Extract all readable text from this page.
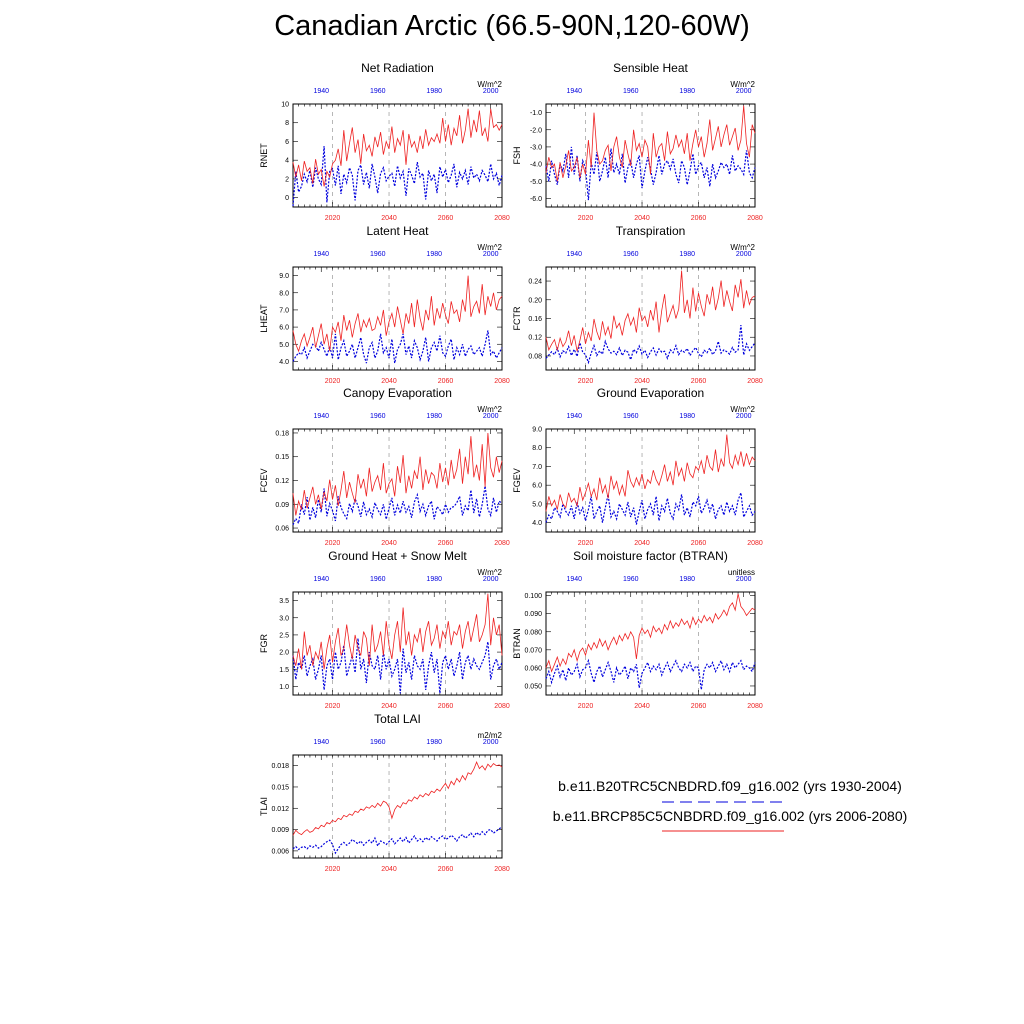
Canadian Arctic (66.5-90N,120-60W)
Net Radiation
W/m^2
RNET
2020	2040	2060	2080
1940	1960	1980	2000
0
2
4
6
8
10
Sensible Heat
W/m^2
FSH
2020	2040	2060	2080
1940	1960	1980	2000
-6.0
-5.0
-4.0
-3.0
-2.0
-1.0
Latent Heat
W/m^2
LHEAT
2020	2040	2060	2080
1940	1960	1980	2000
4.0
5.0
6.0
7.0
8.0
9.0
Transpiration
W/m^2
FCTR
2020	2040	2060	2080
1940	1960	1980	2000
0.08
0.12
0.16
0.20
0.24
Canopy Evaporation
W/m^2
FCEV
2020	2040	2060	2080
1940	1960	1980	2000
0.06
0.09
0.12
0.15
0.18
Ground Evaporation
W/m^2
FGEV
2020	2040	2060	2080
1940	1960	1980	2000
4.0
5.0
6.0
7.0
8.0
9.0
Ground Heat + Snow Melt
W/m^2
FGR
2020	2040	2060	2080
1940	1960	1980	2000
1.0
1.5
2.0
2.5
3.0
3.5
Soil moisture factor (BTRAN)
unitless
BTRAN
2020	2040	2060	2080
1940	1960	1980	2000
0.050
0.060
0.070
0.080
0.090
0.100
Total LAI
m2/m2
TLAI
2020	2040	2060	2080
1940	1960	1980	2000
0.006
0.009
0.012
0.015
0.018
b.e11.B20TRC5CNBDRD.f09_g16.002 (yrs 1930-2004)
b.e11.BRCP85C5CNBDRD.f09_g16.002 (yrs 2006-2080)
